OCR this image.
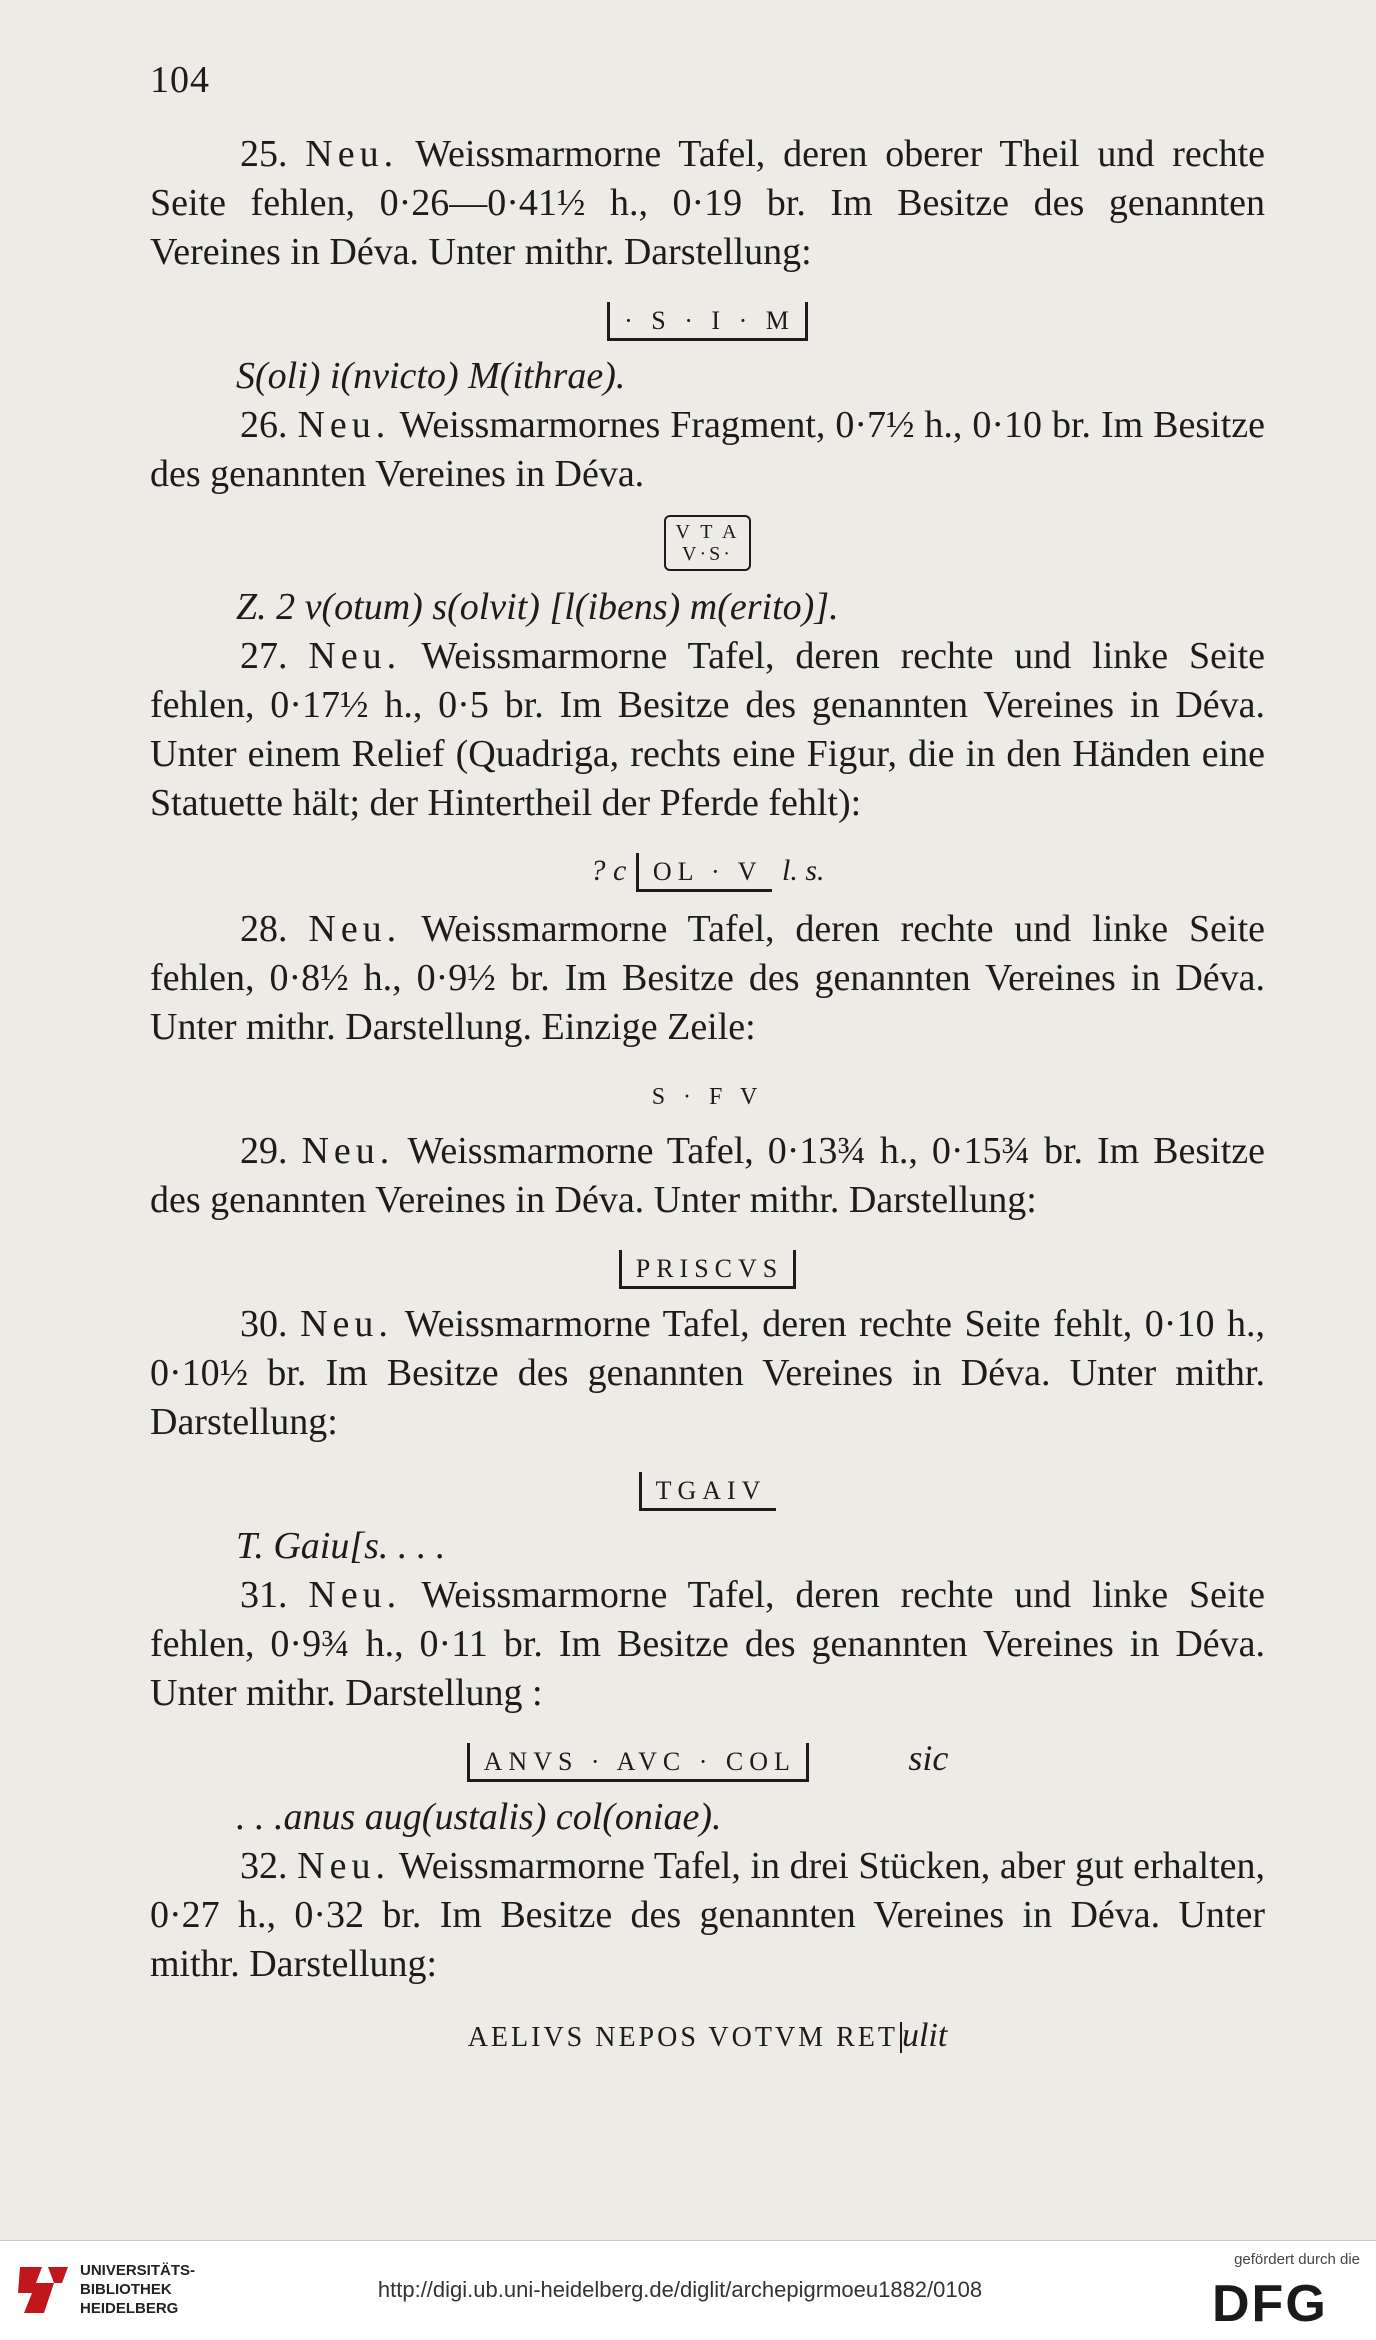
104

25. Neu. Weissmarmorne Tafel, deren oberer Theil und rechte Seite fehlen, 0·26—0·41½ h., 0·19 br. Im Besitze des genannten Vereines in Déva. Unter mithr. Darstellung:

· S · I · M

S(oli) i(nvicto) M(ithrae).

26. Neu. Weissmarmornes Fragment, 0·7½ h., 0·10 br. Im Besitze des genannten Vereines in Déva.

V T A
V·S·

Z. 2 v(otum) s(olvit) [l(ibens) m(erito)].

27. Neu. Weissmarmorne Tafel, deren rechte und linke Seite fehlen, 0·17½ h., 0·5 br. Im Besitze des genannten Vereines in Déva. Unter einem Relief (Quadriga, rechts eine Figur, die in den Händen eine Statuette hält; der Hintertheil der Pferde fehlt):

? c OL · V l. s.

28. Neu. Weissmarmorne Tafel, deren rechte und linke Seite fehlen, 0·8½ h., 0·9½ br. Im Besitze des genannten Vereines in Déva. Unter mithr. Darstellung. Einzige Zeile:

S · F V

29. Neu. Weissmarmorne Tafel, 0·13¾ h., 0·15¾ br. Im Besitze des genannten Vereines in Déva. Unter mithr. Darstellung:

PRISCVS

30. Neu. Weissmarmorne Tafel, deren rechte Seite fehlt, 0·10 h., 0·10½ br. Im Besitze des genannten Vereines in Déva. Unter mithr. Darstellung:

TGAIV

T. Gaiu[s. . . .

31. Neu. Weissmarmorne Tafel, deren rechte und linke Seite fehlen, 0·9¾ h., 0·11 br. Im Besitze des genannten Vereines in Déva. Unter mithr. Darstellung :

ANVS · AVC · COL	sic

. . .anus aug(ustalis) col(oniae).

32. Neu. Weissmarmorne Tafel, in drei Stücken, aber gut erhalten, 0·27 h., 0·32 br. Im Besitze des genannten Vereines in Déva. Unter mithr. Darstellung:

AELIVS NEPOS VOTVM RET ulit
UNIVERSITÄTS-
BIBLIOTHEK
HEIDELBERG
http://digi.ub.uni-heidelberg.de/diglit/archepigrmoeu1882/0108
gefördert durch die
DFG
